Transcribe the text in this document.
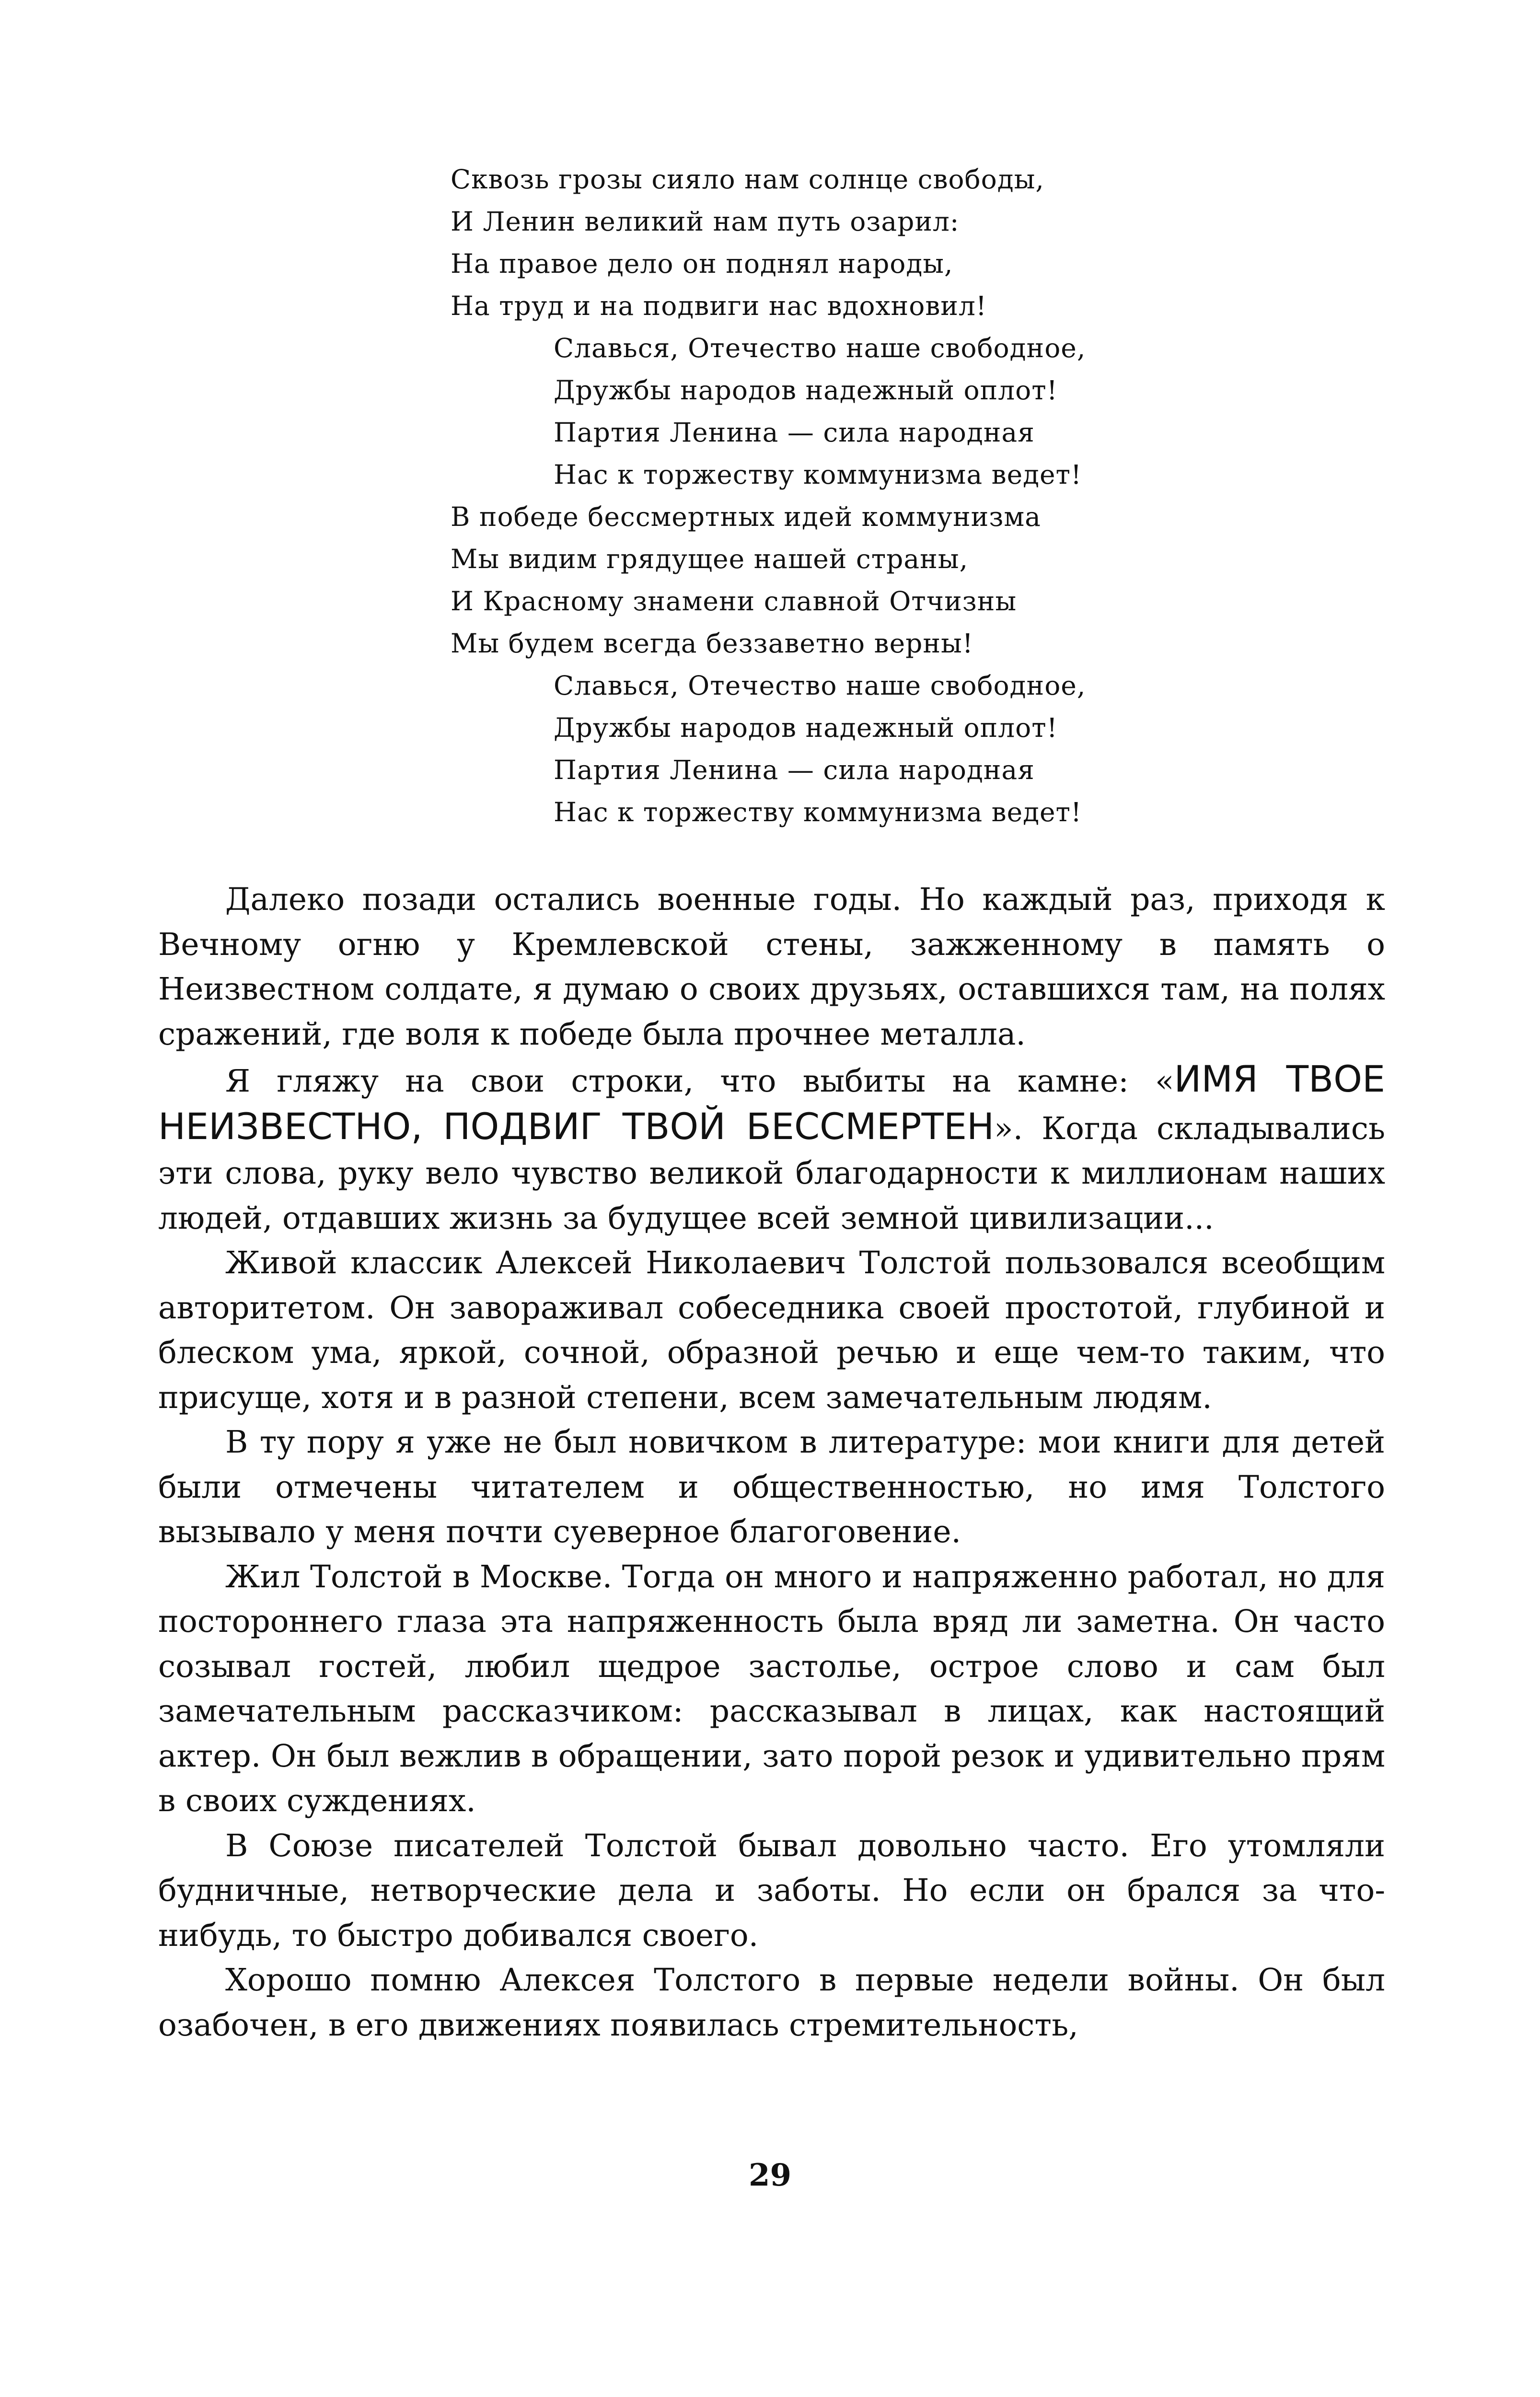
Сквозь грозы сияло нам солнце свободы,
И Ленин великий нам путь озарил:
На правое дело он поднял народы,
На труд и на подвиги нас вдохновил!
Славься, Отечество наше свободное,
Дружбы народов надежный оплот!
Партия Ленина — сила народная
Нас к торжеству коммунизма ведет!
В победе бессмертных идей коммунизма
Мы видим грядущее нашей страны,
И Красному знамени славной Отчизны
Мы будем всегда беззаветно верны!
Славься, Отечество наше свободное,
Дружбы народов надежный оплот!
Партия Ленина — сила народная
Нас к торжеству коммунизма ведет!

Далеко позади остались военные годы. Но каждый раз, приходя к Вечному огню у Кремлевской стены, зажженному в память о Неизвестном солдате, я думаю о своих друзьях, оставшихся там, на полях сражений, где воля к победе была прочнее металла.

Я гляжу на свои строки, что выбиты на камне: «ИМЯ ТВОЕ НЕИЗВЕСТНО, ПОДВИГ ТВОЙ БЕССМЕРТЕН». Когда складывались эти слова, руку вело чувство великой благодарности к миллионам наших людей, отдавших жизнь за будущее всей земной цивилизации...

Живой классик Алексей Николаевич Толстой пользовался всеобщим авторитетом. Он завораживал собеседника своей простотой, глубиной и блеском ума, яркой, сочной, образной речью и еще чем-то таким, что присуще, хотя и в разной степени, всем замечательным людям.

В ту пору я уже не был новичком в литературе: мои книги для детей были отмечены читателем и общественностью, но имя Толстого вызывало у меня почти суеверное благоговение.

Жил Толстой в Москве. Тогда он много и напряженно работал, но для постороннего глаза эта напряженность была вряд ли заметна. Он часто созывал гостей, любил щедрое застолье, острое слово и сам был замечательным рассказчиком: рассказывал в лицах, как настоящий актер. Он был вежлив в обращении, зато порой резок и удивительно прям в своих суждениях.

В Союзе писателей Толстой бывал довольно часто. Его утомляли будничные, нетворческие дела и заботы. Но если он брался за что-нибудь, то быстро добивался своего.

Хорошо помню Алексея Толстого в первые недели войны. Он был озабочен, в его движениях появилась стремительность,

29
